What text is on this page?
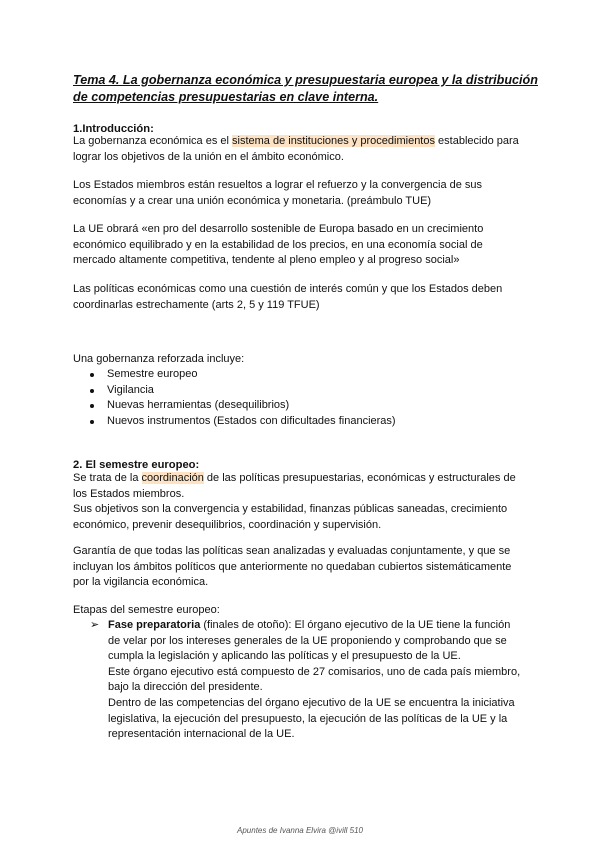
Tema 4. La gobernanza económica y presupuestaria europea y la distribución
de competencias presupuestarias en clave interna.

1.Introducción:

La gobernanza económica es el sistema de instituciones y procedimientos establecido para
lograr los objetivos de la unión en el ámbito económico.

Los Estados miembros están resueltos a lograr el refuerzo y la convergencia de sus
economías y a crear una unión económica y monetaria. (preámbulo TUE)

La UE obrará «en pro del desarrollo sostenible de Europa basado en un crecimiento
económico equilibrado y en la estabilidad de los precios, en una economía social de
mercado altamente competitiva, tendente al pleno empleo y al progreso social»

Las políticas económicas como una cuestión de interés común y que los Estados deben
coordinarlas estrechamente (arts 2, 5 y 119 TFUE)

Una gobernanza reforzada incluye:

Semestre europeo
Vigilancia
Nuevas herramientas (desequilibrios)
Nuevos instrumentos (Estados con dificultades financieras)

2. El semestre europeo:

Se trata de la coordinación de las políticas presupuestarias, económicas y estructurales de
los Estados miembros.
Sus objetivos son la convergencia y estabilidad, finanzas públicas saneadas, crecimiento
económico, prevenir desequilibrios, coordinación y supervisión.

Garantía de que todas las políticas sean analizadas y evaluadas conjuntamente, y que se
incluyan los ámbitos políticos que anteriormente no quedaban cubiertos sistemáticamente
por la vigilancia económica.

Etapas del semestre europeo:

➢ Fase preparatoria (finales de otoño): El órgano ejecutivo de la UE tiene la función
de velar por los intereses generales de la UE proponiendo y comprobando que se
cumpla la legislación y aplicando las políticas y el presupuesto de la UE.
Este órgano ejecutivo está compuesto de 27 comisarios, uno de cada país miembro,
bajo la dirección del presidente.
Dentro de las competencias del órgano ejecutivo de la UE se encuentra la iniciativa
legislativa, la ejecución del presupuesto, la ejecución de las políticas de la UE y la
representación internacional de la UE.
Apuntes de Ivanna Elvira @ivill 510
